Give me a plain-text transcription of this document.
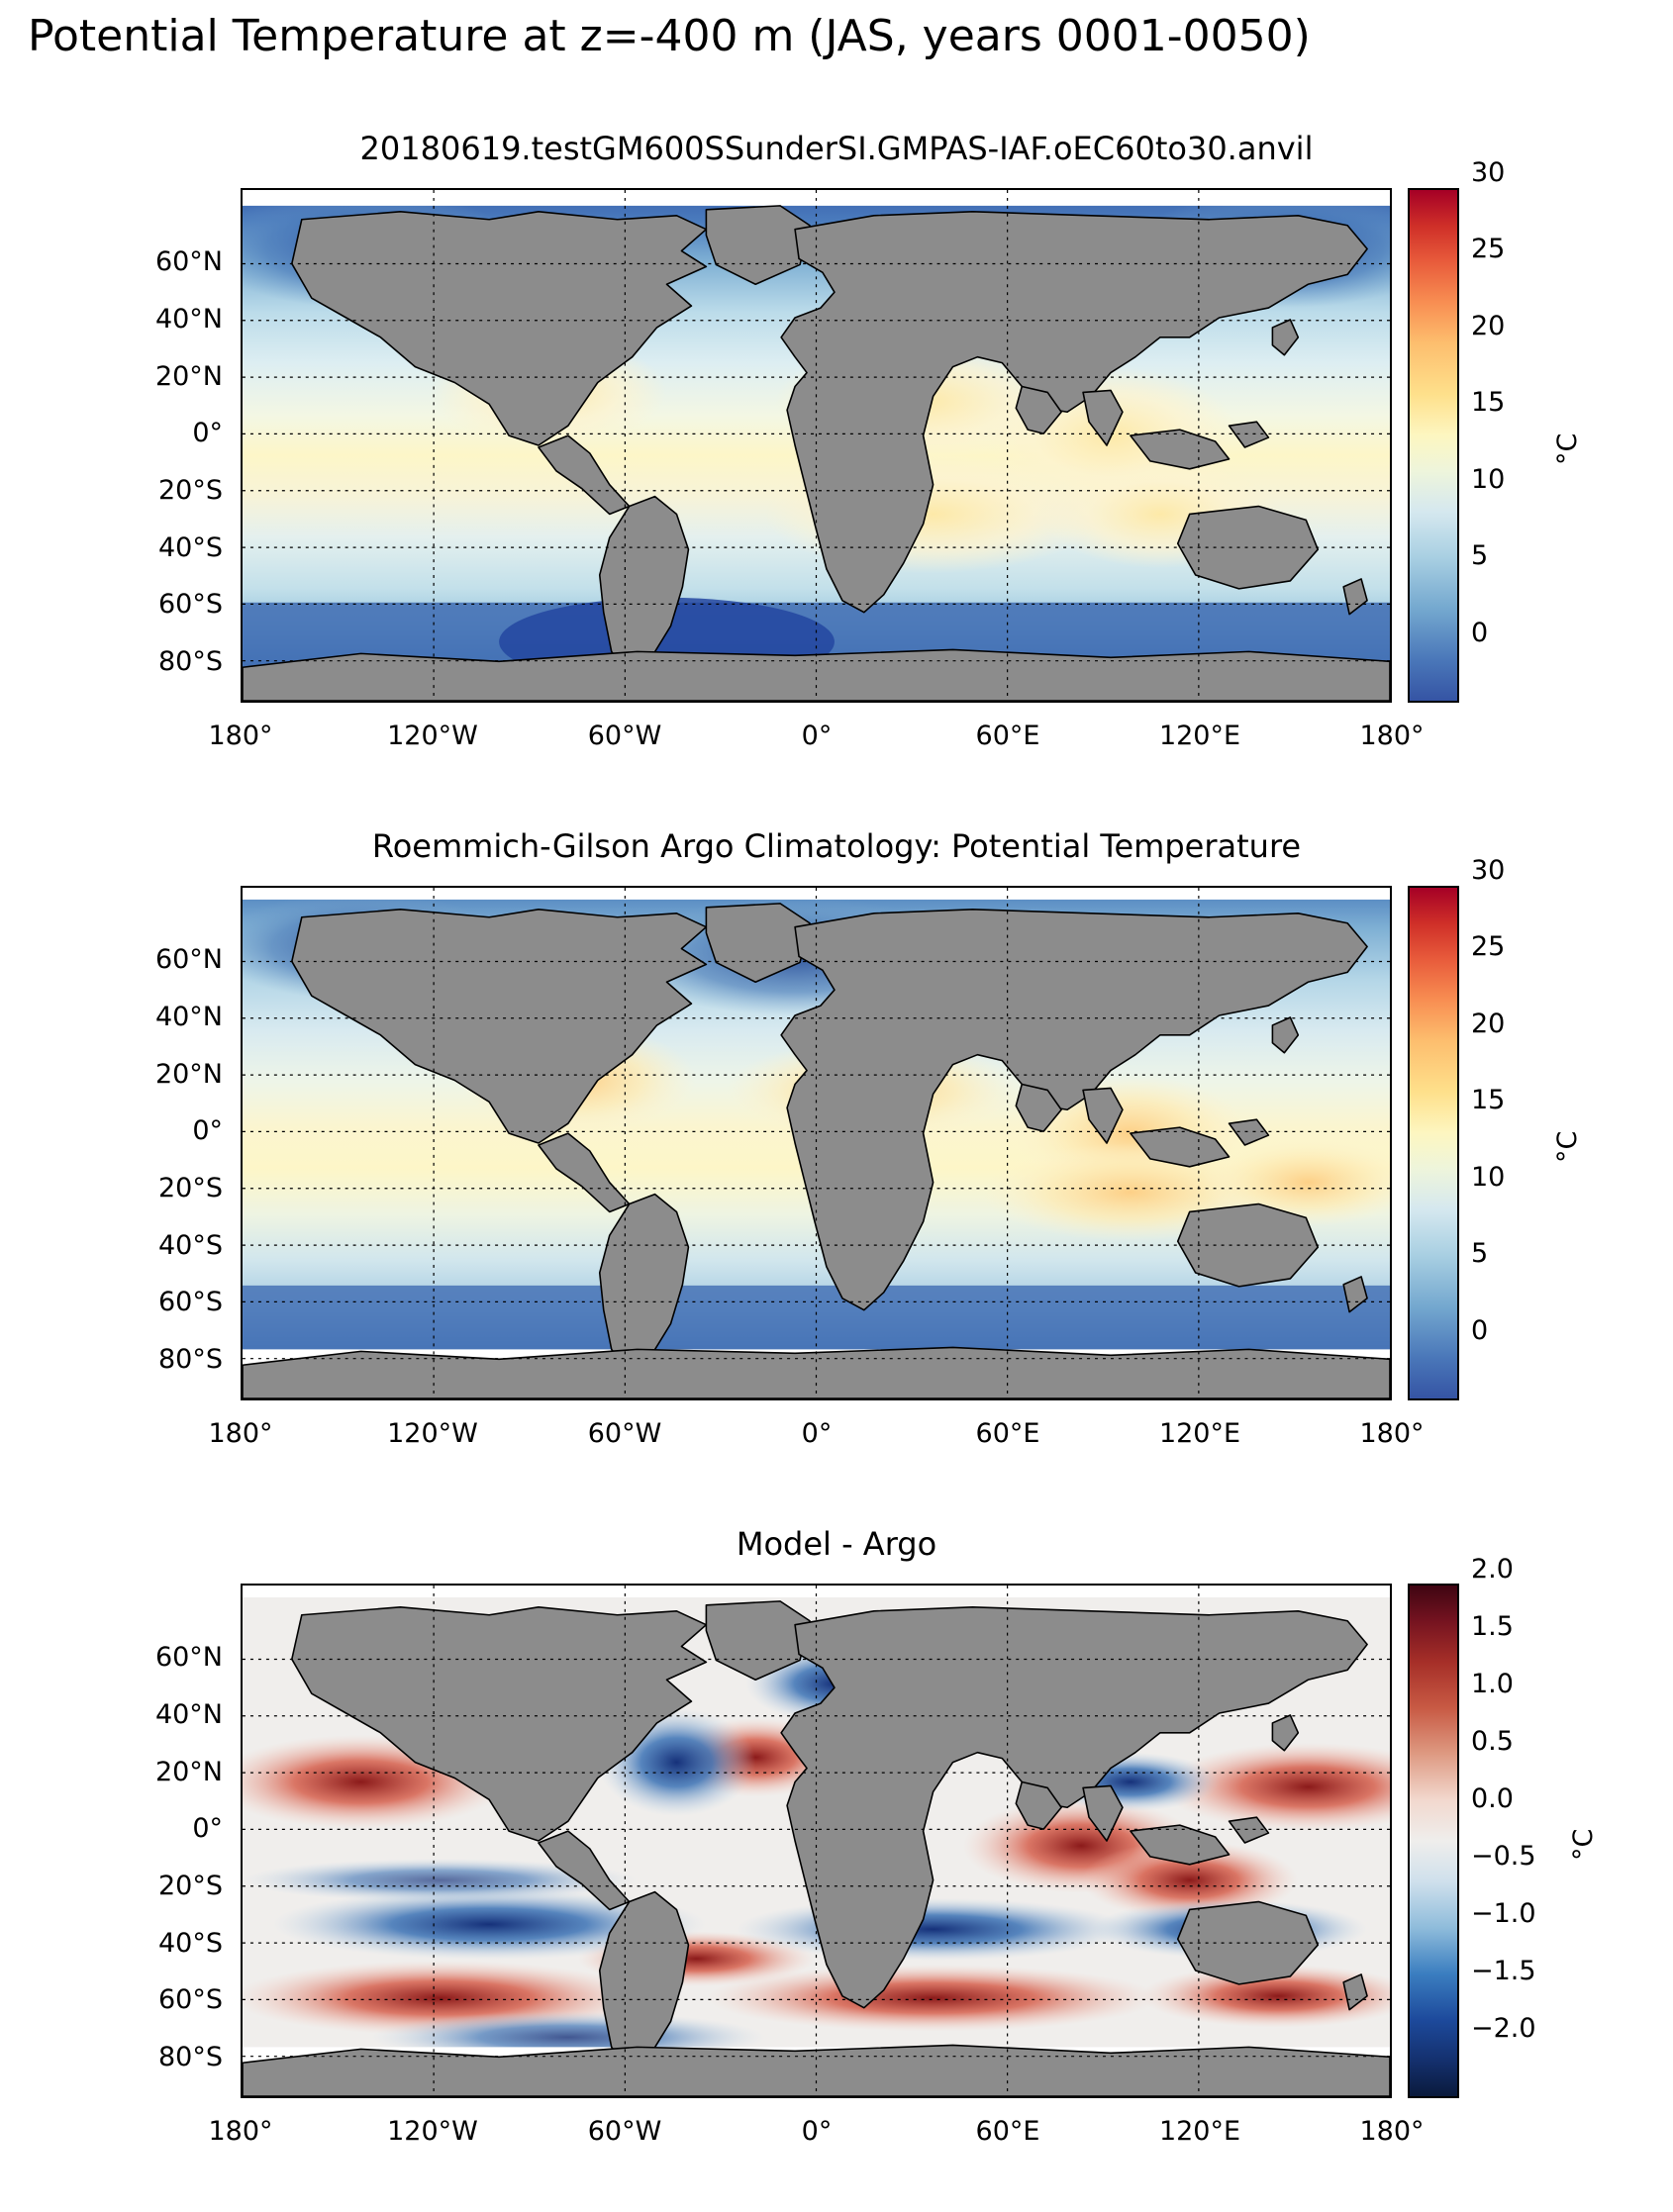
Potential Temperature at z=-400 m (JAS, years 0001-0050)
20180619.testGM600SSunderSI.GMPAS-IAF.oEC60to30.anvil
60°N
40°N
20°N
0°
20°S
40°S
60°S
80°S
180°	120°W	60°W	0°	60°E	120°E	180°
0
5
10
15
20
25
30
°C
Roemmich-Gilson Argo Climatology: Potential Temperature
60°N
40°N
20°N
0°
20°S
40°S
60°S
80°S
180°	120°W	60°W	0°	60°E	120°E	180°
0
5
10
15
20
25
30
°C
Model - Argo
60°N
40°N
20°N
0°
20°S
40°S
60°S
80°S
180°	120°W	60°W	0°	60°E	120°E	180°
−2.0
−1.5
−1.0
−0.5
0.0
0.5
1.0
1.5
2.0
°C
